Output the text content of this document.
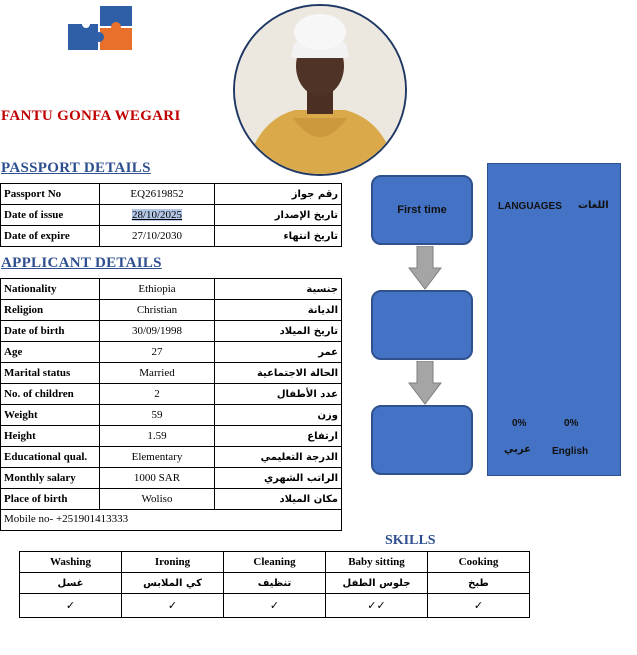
FANTU GONFA WEGARI
PASSPORT DETAILS
Passport No	EQ2619852	رقم جواز
Date of issue	28/10/2025	تاريخ الإصدار
Date of expire	27/10/2030	تاريخ انتهاء
APPLICANT DETAILS
Nationality	Ethiopia	جنسية
Religion	Christian	الديانة
Date of birth	30/09/1998	تاريخ الميلاد
Age	27	عمر
Marital status	Married	الحالة الاجتماعية
No. of children	2	عدد الأطفال
Weight	59	وزن
Height	1.59	ارتفاع
Educational qual.	Elementary	الدرجة التعليمي
Monthly salary	1000 SAR	الراتب الشهري
Place of birth	Woliso	مكان الميلاد
Mobile no- +251901413333
First time	LANGUAGES اللغات
0%	0%
عربي English
SKILLS
Washing	Ironing	Cleaning	Baby sitting	Cooking
غسل	كي الملابس	تنظيف	جلوس الطفل	طبخ
✓	✓	✓	✓✓	✓
